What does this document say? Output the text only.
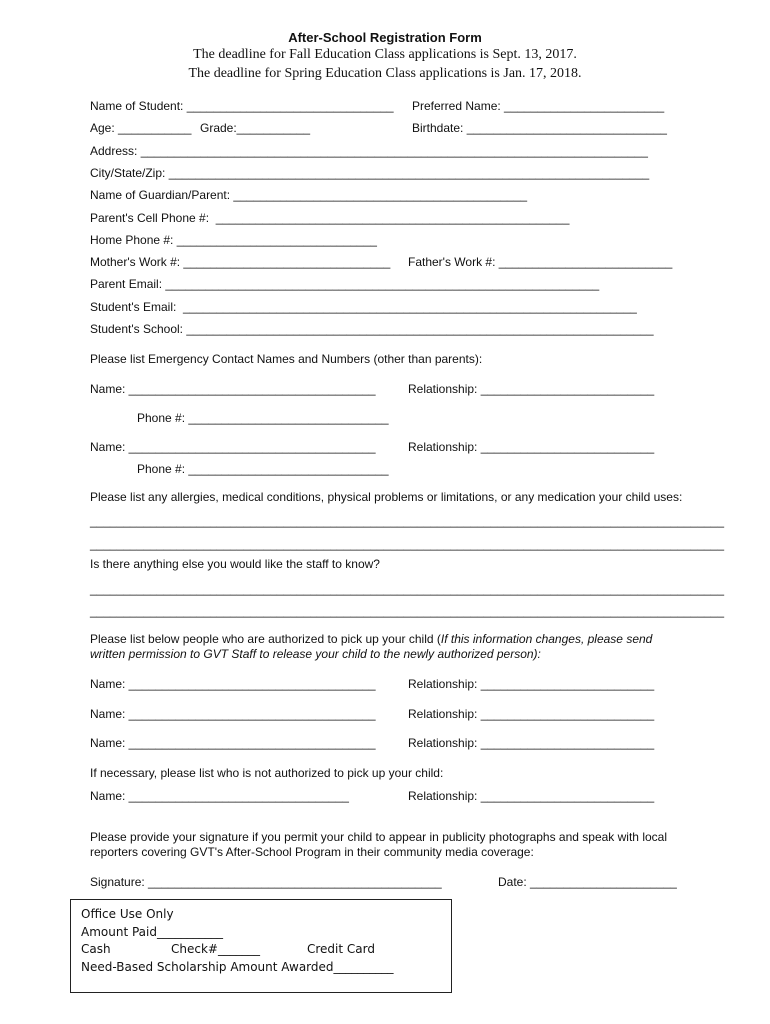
After-School Registration Form
The deadline for Fall Education Class applications is Sept. 13, 2017.
The deadline for Spring Education Class applications is Jan. 17, 2018.
Name of Student: _______________________________ Preferred Name: ________________________
Age: ___________ Grade:___________	Birthdate: ______________________________
Address: ____________________________________________________________________________
City/State/Zip: ________________________________________________________________________
Name of Guardian/Parent: ____________________________________________
Parent's Cell Phone #:  _____________________________________________________
Home Phone #: ______________________________
Mother's Work #: _______________________________ Father's Work #: __________________________
Parent Email: _________________________________________________________________
Student's Email:  ____________________________________________________________________
Student's School: ______________________________________________________________________
Please list Emergency Contact Names and Numbers (other than parents):
Name: _____________________________________	Relationship: __________________________
Phone #: ______________________________
Name: _____________________________________	Relationship: __________________________
Phone #: ______________________________
Please list any allergies, medical conditions, physical problems or limitations, or any medication your child uses:
_______________________________________________________________________________________________
_______________________________________________________________________________________________
Is there anything else you would like the staff to know?
_______________________________________________________________________________________________
_______________________________________________________________________________________________
Please list below people who are authorized to pick up your child (If this information changes, please send
written permission to GVT Staff to release your child to the newly authorized person):
Name: _____________________________________	Relationship: __________________________
Name: _____________________________________	Relationship: __________________________
Name: _____________________________________	Relationship: __________________________
If necessary, please list who is not authorized to pick up your child:
Name: _________________________________	Relationship: __________________________
Please provide your signature if you permit your child to appear in publicity photographs and speak with local
reporters covering GVT's After-School Program in their community media coverage:
Signature: ____________________________________________	Date: ______________________
Office Use Only
Amount Paid___________
Cash	Check#_______	Credit Card
Need-Based Scholarship Amount Awarded__________
